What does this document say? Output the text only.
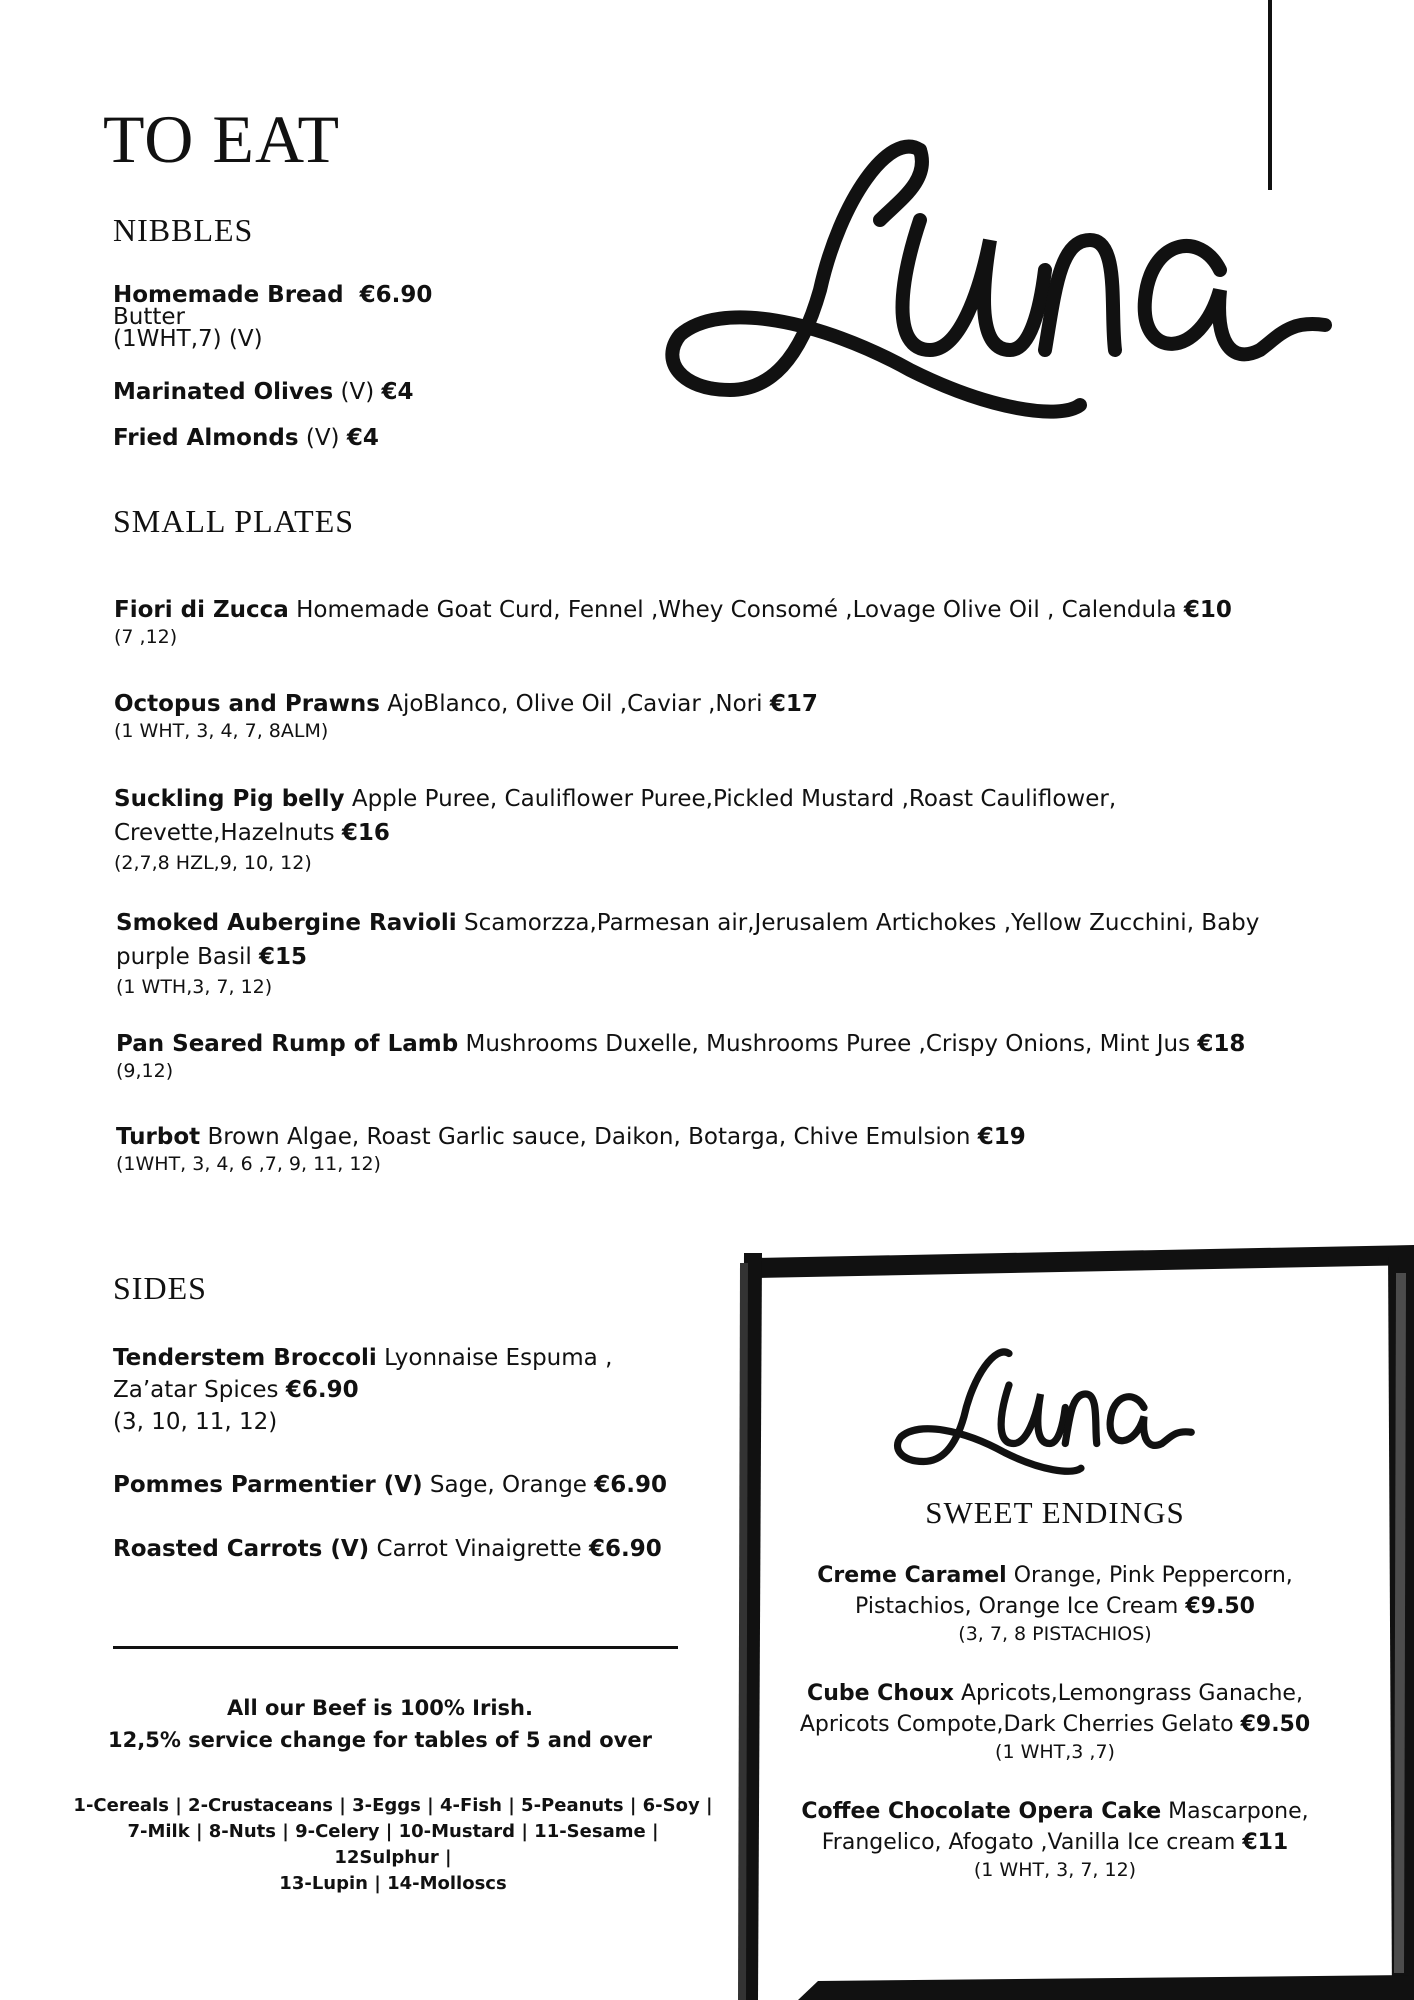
TO EAT
NIBBLES
Homemade Bread €6.90
Butter
(1WHT,7) (V)
Marinated Olives (V) €4
Fried Almonds (V) €4
SMALL PLATES
Fiori di Zucca Homemade Goat Curd, Fennel ,Whey Consomé ,Lovage Olive Oil , Calendula €10
(7 ,12)
Octopus and Prawns AjoBlanco, Olive Oil ,Caviar ,Nori €17
(1 WHT, 3, 4, 7, 8ALM)
Suckling Pig belly Apple Puree, Cauliflower Puree,Pickled Mustard ,Roast Cauliflower, Crevette,Hazelnuts €16
(2,7,8 HZL,9, 10, 12)
Smoked Aubergine Ravioli Scamorzza,Parmesan air,Jerusalem Artichokes ,Yellow Zucchini, Baby purple Basil €15
(1 WTH,3, 7, 12)
Pan Seared Rump of Lamb Mushrooms Duxelle, Mushrooms Puree ,Crispy Onions, Mint Jus €18
(9,12)
Turbot Brown Algae, Roast Garlic sauce, Daikon, Botarga, Chive Emulsion €19
(1WHT, 3, 4, 6 ,7, 9, 11, 12)
SIDES
Tenderstem Broccoli Lyonnaise Espuma , Za’atar Spices €6.90
(3, 10, 11, 12)
Pommes Parmentier (V) Sage, Orange €6.90
Roasted Carrots (V) Carrot Vinaigrette €6.90
All our Beef is 100% Irish.
12,5% service change for tables of 5 and over
1-Cereals | 2-Crustaceans | 3-Eggs | 4-Fish | 5-Peanuts | 6-Soy |
7-Milk | 8-Nuts | 9-Celery | 10-Mustard | 11-Sesame | 12Sulphur |
13-Lupin | 14-Molloscs
SWEET ENDINGS
Creme Caramel Orange, Pink Peppercorn,
Pistachios, Orange Ice Cream €9.50
(3, 7, 8 PISTACHIOS)
Cube Choux Apricots,Lemongrass Ganache,
Apricots Compote,Dark Cherries Gelato €9.50
(1 WHT,3 ,7)
Coffee Chocolate Opera Cake Mascarpone,
Frangelico, Afogato ,Vanilla Ice cream €11
(1 WHT, 3, 7, 12)
